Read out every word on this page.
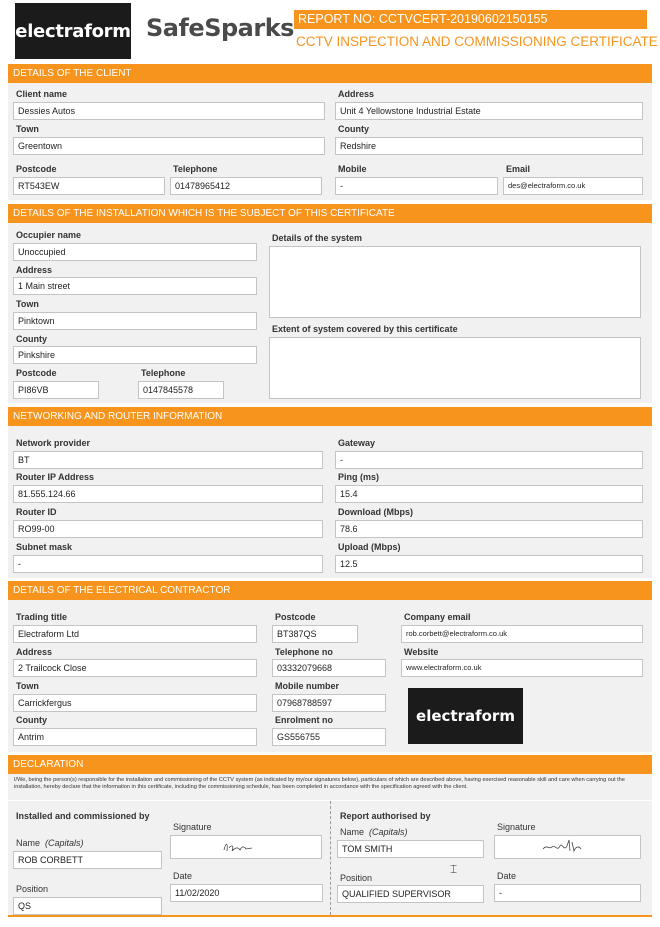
electraform SafeSparks REPORT NO: CCTVCERT-20190602150155
CCTV INSPECTION AND COMMISSIONING CERTIFICATE
DETAILS OF THE CLIENT
Client name
Dessies Autos
Address
Unit 4 Yellowstone Industrial Estate
Town
Greentown
County
Redshire
Postcode
RT543EW
Telephone
01478965412
Mobile
-
Email
des@electraform.co.uk
DETAILS OF THE INSTALLATION WHICH IS THE SUBJECT OF THIS CERTIFICATE
Occupier name
Unoccupied
Address
1 Main street
Town
Pinktown
County
Pinkshire
Postcode
PI86VB
Telephone
0147845578
Details of the system
Extent of system covered by this certificate
NETWORKING AND ROUTER INFORMATION
Network provider
BT
Gateway
-
Router IP Address
81.555.124.66
Ping (ms)
15.4
Router ID
RO99-00
Download (Mbps)
78.6
Subnet mask
-
Upload (Mbps)
12.5
DETAILS OF THE ELECTRICAL CONTRACTOR
Trading title
Electraform Ltd
Postcode
BT387QS
Company email
rob.corbett@electraform.co.uk
Address
2 Trailcock Close
Telephone no
03332079668
Website
www.electraform.co.uk
Town
Carrickfergus
Mobile number
07968788597
County
Antrim
Enrolment no
GS556755
electraform
DECLARATION
I/We, being the person(s) responsible for the installation and commissioning of the CCTV system (as indicated by my/our signatures below), particulars of which are described above, having exercised reasonable skill and care when carrying out the installation, hereby declare that the information in this certificate, including the commissioning schedule, has been completed in accordance with the specification agreed with the client.
Installed and commissioned by
Name (Capitals)
ROB CORBETT
Signature
Date
11/02/2020
Position
QS
Report authorised by
Name (Capitals)
TOM SMITH
Signature
⌶
Position
QUALIFIED SUPERVISOR
Date
-
